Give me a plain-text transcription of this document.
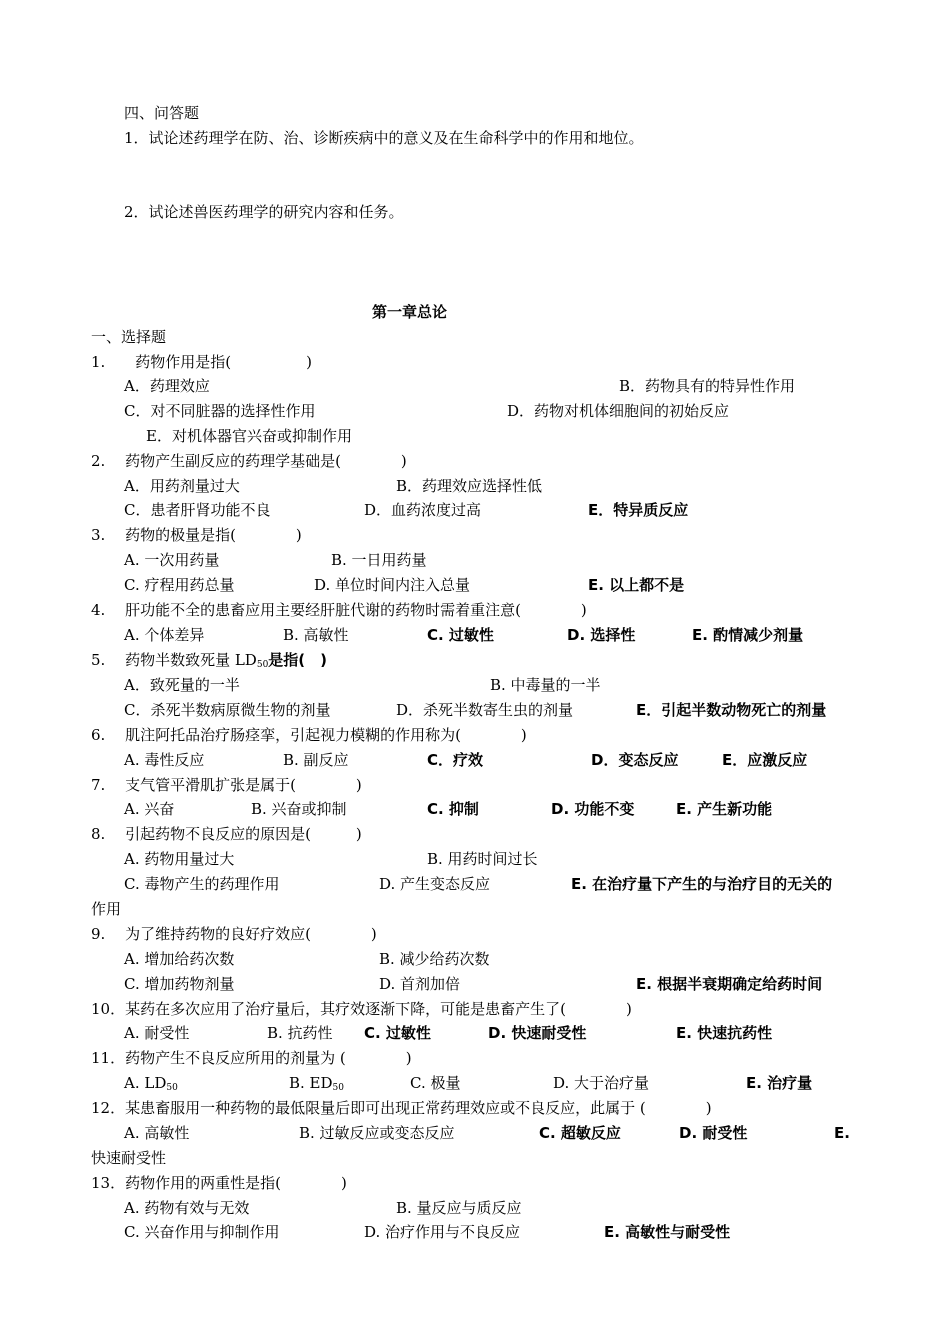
四、问答题
1．试论述药理学在防、治、诊断疾病中的意义及在生命科学中的作用和地位。
2．试论述兽医药理学的研究内容和任务。
第一章总论
一、选择题
1.　　药物作用是指(　　　　　)
A．药理效应	B．药物具有的特异性作用
C．对不同脏器的选择性作用	D．药物对机体细胞间的初始反应
E．对机体器官兴奋或抑制作用
2.　 药物产生副反应的药理学基础是(　　　　)
A．用药剂量过大	B．药理效应选择性低
C．患者肝肾功能不良	D．血药浓度过高	E．特异质反应
3.　 药物的极量是指(　　　　)
A. 一次用药量	B. 一日用药量
C. 疗程用药总量	D. 单位时间内注入总量	E. 以上都不是
4.　 肝功能不全的患畜应用主要经肝脏代谢的药物时需着重注意(　　　　)
A. 个体差异	B. 高敏性	C. 过敏性	D. 选择性	E. 酌情减少剂量
5.　 药物半数致死量 $LD_{50}$是指(　)
A．致死量的一半	B. 中毒量的一半
C．杀死半数病原微生物的剂量	D．杀死半数寄生虫的剂量	E．引起半数动物死亡的剂量
6.　 肌注阿托品治疗肠痉挛，引起视力模糊的作用称为(　　　　)
A. 毒性反应	B. 副反应	C．疗效	D．变态反应	E．应激反应
7.　 支气管平滑肌扩张是属于(　　　　)
A. 兴奋	B. 兴奋或抑制	C. 抑制	D. 功能不变	E. 产生新功能
8.　 引起药物不良反应的原因是(　　　)
A. 药物用量过大	B. 用药时间过长
C. 毒物产生的药理作用	D. 产生变态反应	E. 在治疗量下产生的与治疗目的无关的
作用
9.　 为了维持药物的良好疗效应(　　　　)
A. 增加给药次数	B. 减少给药次数
C. 增加药物剂量	D. 首剂加倍	E. 根据半衰期确定给药时间
10．某药在多次应用了治疗量后，其疗效逐渐下降，可能是患畜产生了(　　　　)
A. 耐受性	B. 抗药性 C. 过敏性	D. 快速耐受性	E. 快速抗药性
11．药物产生不良反应所用的剂量为 (　　　　)
A. $LD_{50}$	B. $ED_{50}$	C. 极量	D. 大于治疗量	E. 治疗量
12．某患畜服用一种药物的最低限量后即可出现正常药理效应或不良反应，此属于 (　　　　)
A. 高敏性	B. 过敏反应或变态反应	C. 超敏反应	D. 耐受性	E.
快速耐受性
13．药物作用的两重性是指(　　　　)
A. 药物有效与无效	B. 量反应与质反应
C. 兴奋作用与抑制作用	D. 治疗作用与不良反应	E. 高敏性与耐受性
